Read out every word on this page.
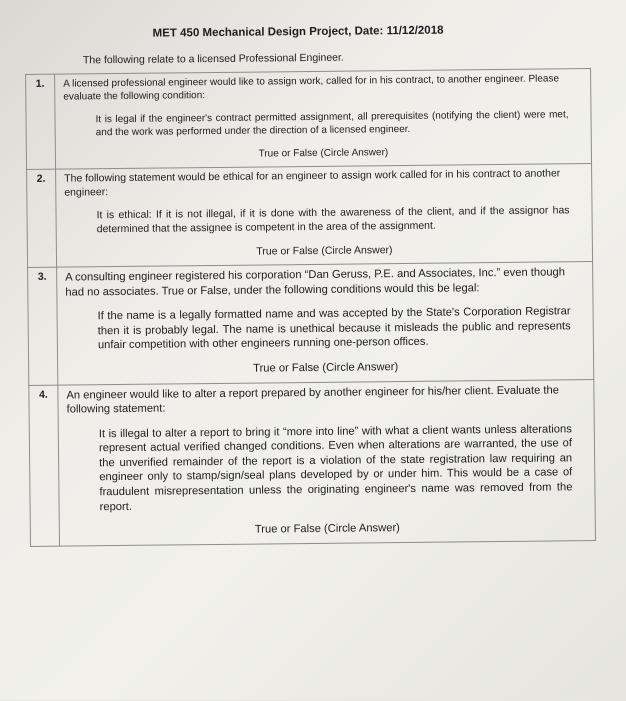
MET 450 Mechanical Design Project, Date: 11/12/2018
The following relate to a licensed Professional Engineer.
1.	A licensed professional engineer would like to assign work, called for in his contract, to another engineer. Please evaluate the following condition:
It is legal if the engineer's contract permitted assignment, all prerequisites (notifying the client) were met, and the work was performed under the direction of a licensed engineer.
True or False (Circle Answer)

2.	The following statement would be ethical for an engineer to assign work called for in his contract to another engineer:
It is ethical: If it is not illegal, if it is done with the awareness of the client, and if the assignor has determined that the assignee is competent in the area of the assignment.
True or False (Circle Answer)

3.	A consulting engineer registered his corporation “Dan Geruss, P.E. and Associates, Inc.” even though had no associates. True or False, under the following conditions would this be legal:
If the name is a legally formatted name and was accepted by the State's Corporation Registrar then it is probably legal. The name is unethical because it misleads the public and represents unfair competition with other engineers running one-person offices.
True or False (Circle Answer)

4.	An engineer would like to alter a report prepared by another engineer for his/her client. Evaluate the following statement:
It is illegal to alter a report to bring it “more into line” with what a client wants unless alterations represent actual verified changed conditions. Even when alterations are warranted, the use of the unverified remainder of the report is a violation of the state registration law requiring an engineer only to stamp/sign/seal plans developed by or under him. This would be a case of fraudulent misrepresentation unless the originating engineer's name was removed from the report.
True or False (Circle Answer)
